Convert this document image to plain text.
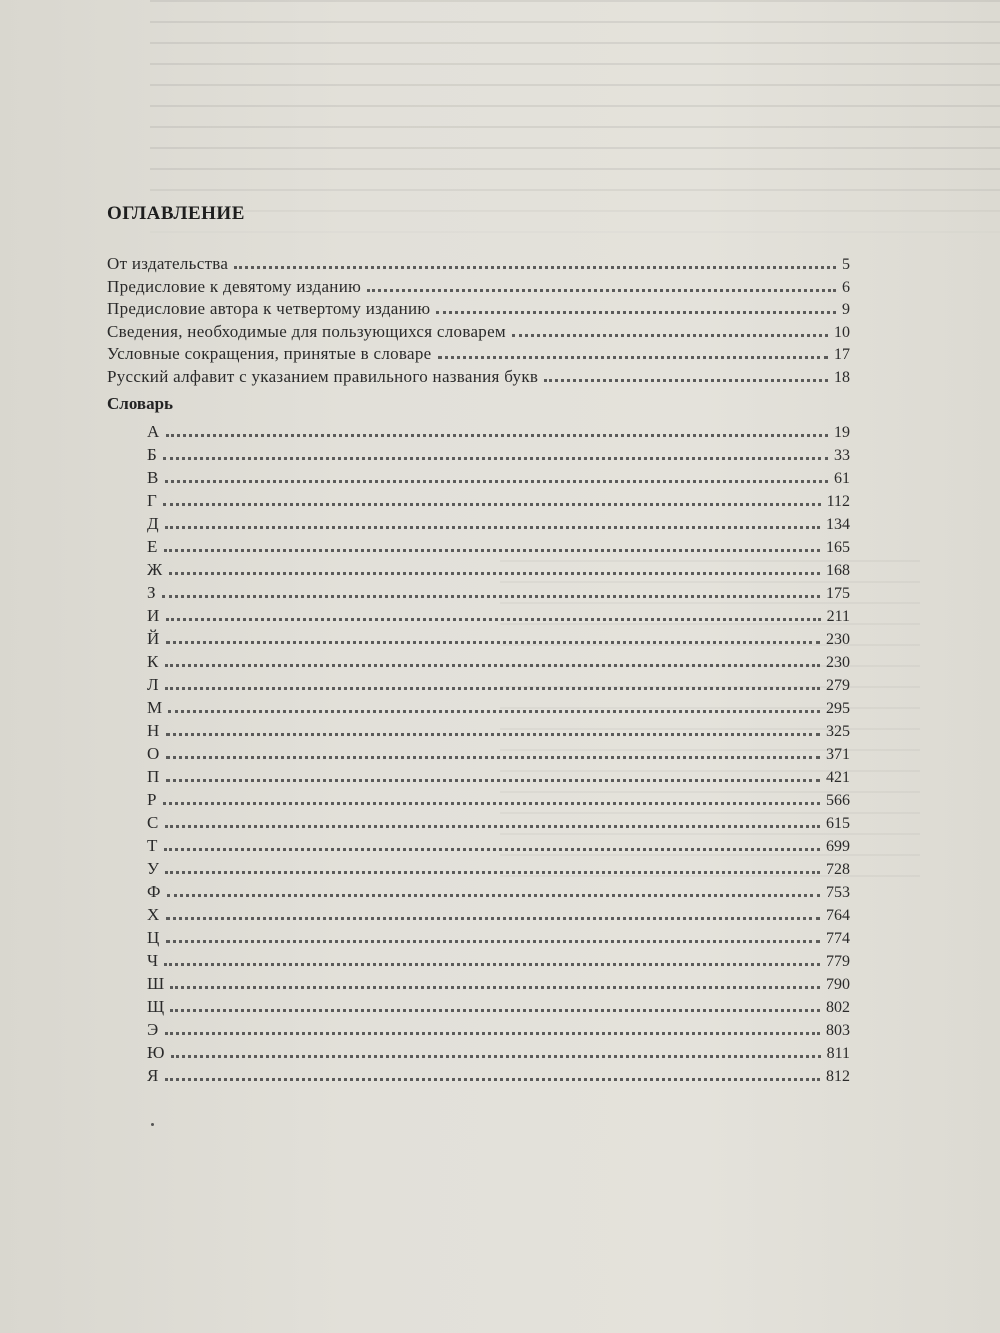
ОГЛАВЛЕНИЕ
От издательства	5
Предисловие к девятому изданию	6
Предисловие автора к четвертому изданию	9
Сведения, необходимые для пользующихся словарем	10
Условные сокращения, принятые в словаре	17
Русский алфавит с указанием правильного названия букв	18
Словарь
А	19
Б	33
В	61
Г	112
Д	134
Е	165
Ж	168
З	175
И	211
Й	230
К	230
Л	279
М	295
Н	325
О	371
П	421
Р	566
С	615
Т	699
У	728
Ф	753
Х	764
Ц	774
Ч	779
Ш	790
Щ	802
Э	803
Ю	811
Я	812
